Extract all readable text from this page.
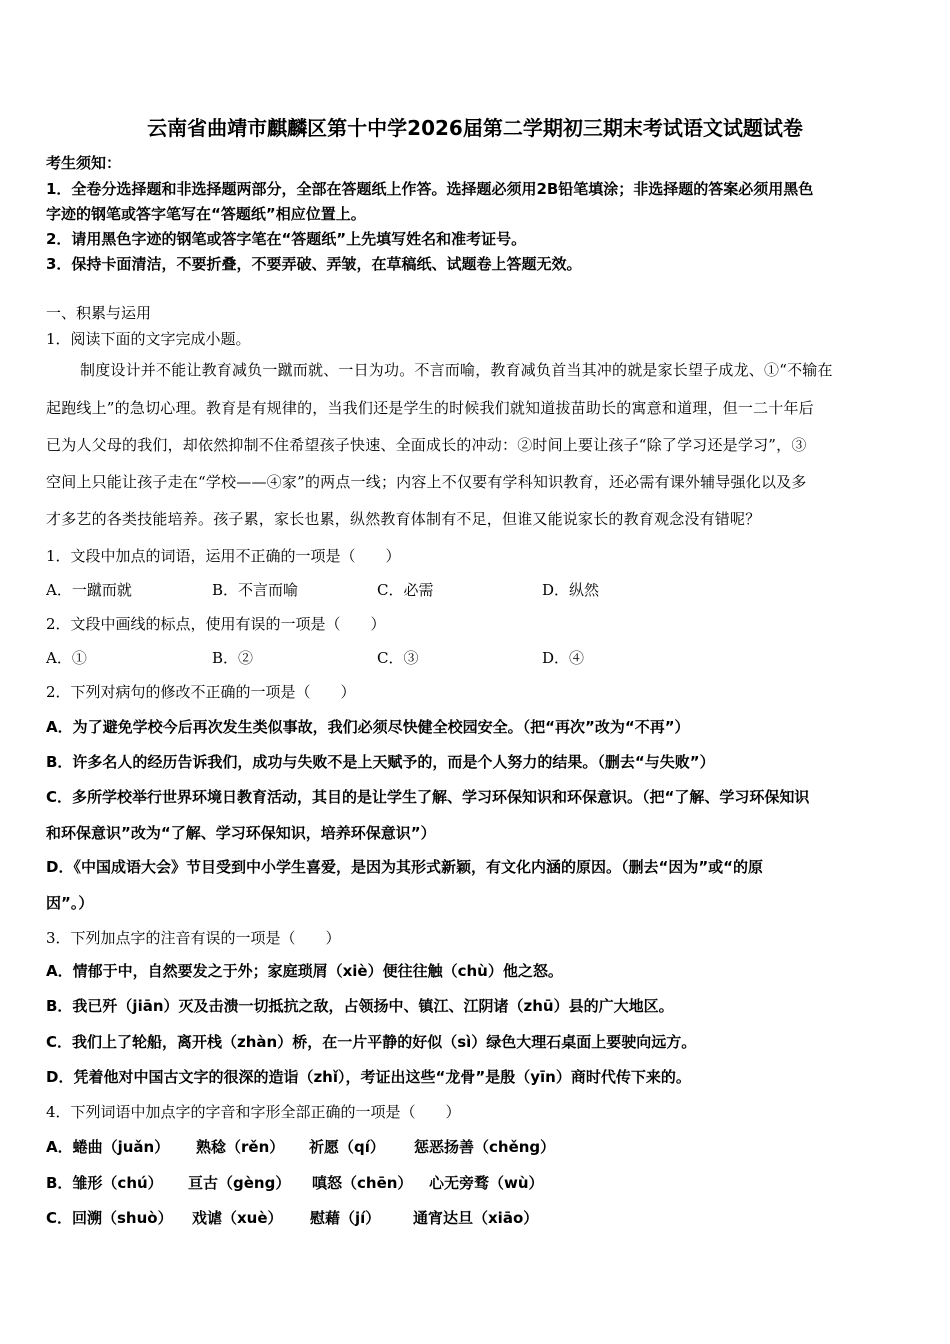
云南省曲靖市麒麟区第十中学2026届第二学期初三期末考试语文试题试卷
考生须知：
1．全卷分选择题和非选择题两部分，全部在答题纸上作答。选择题必须用2B铅笔填涂；非选择题的答案必须用黑色
字迹的钢笔或答字笔写在“答题纸”相应位置上。
2．请用黑色字迹的钢笔或答字笔在“答题纸”上先填写姓名和准考证号。
3．保持卡面清洁，不要折叠，不要弄破、弄皱，在草稿纸、试题卷上答题无效。
一、积累与运用
1．阅读下面的文字完成小题。
制度设计并不能让教育减负一蹴而就、一日为功。不言而喻，教育减负首当其冲的就是家长望子成龙、①“不输在
起跑线上”的急切心理。教育是有规律的，当我们还是学生的时候我们就知道拔苗助长的寓意和道理，但一二十年后
已为人父母的我们，却依然抑制不住希望孩子快速、全面成长的冲动：②时间上要让孩子“除了学习还是学习”，③
空间上只能让孩子走在“学校——④家”的两点一线；内容上不仅要有学科知识教育，还必需有课外辅导强化以及多
才多艺的各类技能培养。孩子累，家长也累，纵然教育体制有不足，但谁又能说家长的教育观念没有错呢？
1．文段中加点的词语，运用不正确的一项是（　　）
A．一蹴而就	B．不言而喻	C．必需	D．纵然
2．文段中画线的标点，使用有误的一项是（　　）
A．①	B．②	C．③	D．④
2．下列对病句的修改不正确的一项是（　　）
A．为了避免学校今后再次发生类似事故，我们必须尽快健全校园安全。（把“再次”改为“不再”）
B．许多名人的经历告诉我们，成功与失败不是上天赋予的，而是个人努力的结果。（删去“与失败”）
C．多所学校举行世界环境日教育活动，其目的是让学生了解、学习环保知识和环保意识。（把“了解、学习环保知识
和环保意识”改为“了解、学习环保知识，培养环保意识”）
D．《中国成语大会》节目受到中小学生喜爱，是因为其形式新颖，有文化内涵的原因。（删去“因为”或“的原
因”。）
3．下列加点字的注音有误的一项是（　　）
A．情郁于中，自然要发之于外；家庭琐屑（xiè）便往往触（chù）他之怒。
B．我已歼（jiān）灭及击溃一切抵抗之敌，占领扬中、镇江、江阴诸（zhū）县的广大地区。
C．我们上了轮船，离开栈（zhàn）桥，在一片平静的好似（sì）绿色大理石桌面上要驶向远方。
D．凭着他对中国古文字的很深的造诣（zhǐ），考证出这些“龙骨”是殷（yīn）商时代传下来的。
4．下列词语中加点字的字音和字形全部正确的一项是（　　）
A．蜷曲（juǎn） 熟稔（rěn） 祈愿（qí） 惩恶扬善（chěng）
B．雏形（chú） 亘古（gèng） 嗔怒（chēn） 心无旁骛（wù）
C．回溯（shuò） 戏谑（xuè） 慰藉（jí） 通宵达旦（xiāo）
